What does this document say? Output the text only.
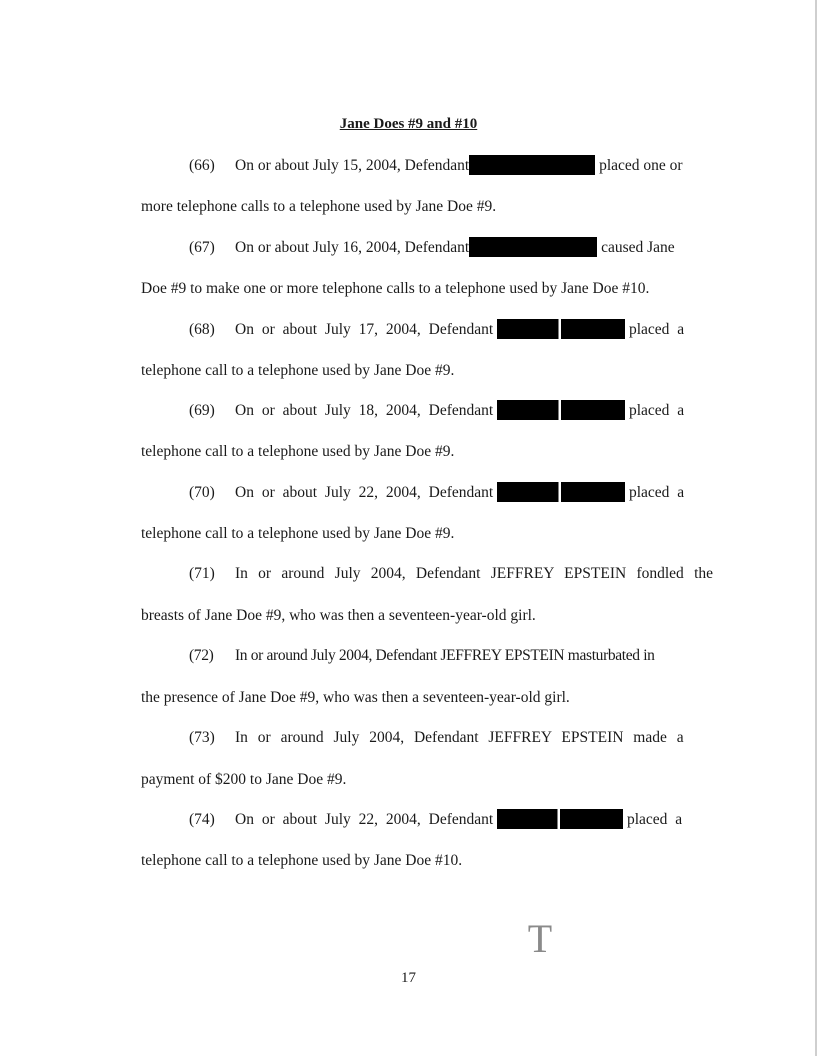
Jane Does #9 and #10
(66) On or about July 15, 2004, Defendant	placed one or
more telephone calls to a telephone used by Jane Doe #9.
(67) On or about July 16, 2004, Defendant	caused Jane
Doe #9 to make one or more telephone calls to a telephone used by Jane Doe #10.
(68) On or about July 17, 2004, Defendant	placed a
telephone call to a telephone used by Jane Doe #9.
(69) On or about July 18, 2004, Defendant	placed a
telephone call to a telephone used by Jane Doe #9.
(70) On or about July 22, 2004, Defendant	placed a
telephone call to a telephone used by Jane Doe #9.
(71) In or around July 2004, Defendant JEFFREY EPSTEIN fondled the
breasts of Jane Doe #9, who was then a seventeen-year-old girl.
(72) In or around July 2004, Defendant JEFFREY EPSTEIN masturbated in
the presence of Jane Doe #9, who was then a seventeen-year-old girl.
(73) In or around July 2004, Defendant JEFFREY EPSTEIN made a
payment of $200 to Jane Doe #9.
(74) On or about July 22, 2004, Defendant	placed a
telephone call to a telephone used by Jane Doe #10.
T
17
